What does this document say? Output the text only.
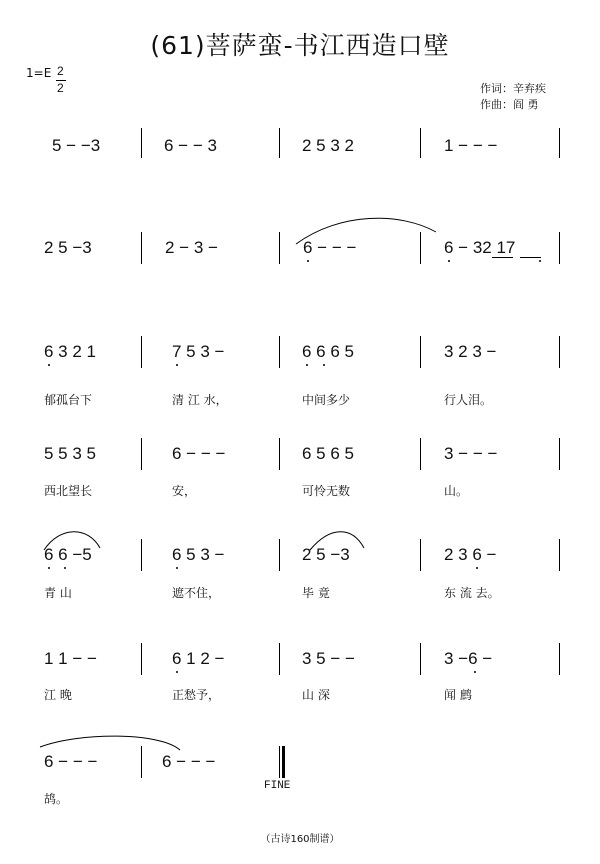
(61)菩萨蛮-书江西造口壁
1=E 2
2	作词：辛弃疾
作曲：阎 勇
5 − −3	6 − − 3	2 5 3 2	1 − − −
2 5 −3	2 − 3 −	6 − − −	6 − 32 17
6 3 2 1	7 5 3 −	6 6 6 5	3 2 3 −
郁孤台下	清 江 水，	中间多少	行人泪。
5 5 3 5	6 − − −	6 5 6 5	3 − − −
西北望长	安，	可怜无数	山。
6 6 −5	6 5 3 −	2 5 −3	2 3 6 −
青 山	遮不住，	毕 竟	东 流 去。
1 1 − −	6 1 2 −	3 5 − −	3 −6 −
江 晚	正愁予，	山 深	闻 鹧
6 − − −	6 − − −
鸪。
FINE
（古诗160制谱）
